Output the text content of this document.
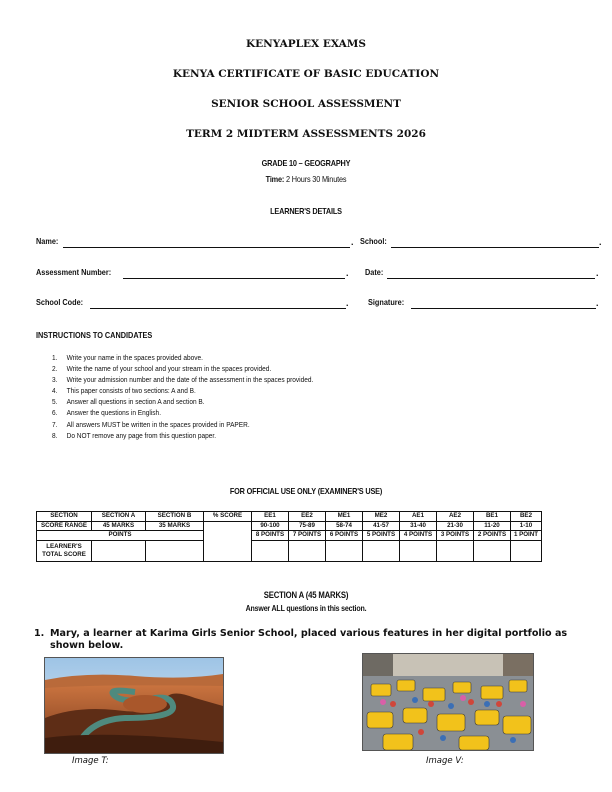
KENYAPLEX EXAMS
KENYA CERTIFICATE OF BASIC EDUCATION
SENIOR SCHOOL ASSESSMENT
TERM 2 MIDTERM ASSESSMENTS 2026
GRADE 10 – GEOGRAPHY
Time: 2 Hours 30 Minutes
LEARNER'S DETAILS
Name:	. School:	.
Assessment Number:	. Date:	.
School Code:	. Signature:	.
INSTRUCTIONS TO CANDIDATES
1. Write your name in the spaces provided above.
2. Write the name of your school and your stream in the spaces provided.
3. Write your admission number and the date of the assessment in the spaces provided.
4. This paper consists of two sections: A and B.
5. Answer all questions in section A and section B.
6. Answer the questions in English.
7. All answers MUST be written in the spaces provided in PAPER.
8. Do NOT remove any page from this question paper.
FOR OFFICIAL USE ONLY (EXAMINER'S USE)
SECTION	SECTION A	SECTION B	% SCORE	EE1	EE2	ME1	ME2	AE1	AE2	BE1	BE2
SCORE RANGE	45 MARKS	35 MARKS		90-100	75-89	58-74	41-57	31-40	21-30	11-20	1-10
POINTS				8 POINTS	7 POINTS	6 POINTS	5 POINTS	4 POINTS	3 POINTS	2 POINTS	1 POINT
LEARNER'S
TOTAL SCORE											
SECTION A (45 MARKS)
Answer ALL questions in this section.
1. Mary, a learner at Karima Girls Senior School, placed various features in her digital portfolio as
shown below.
Image T:	Image V:
